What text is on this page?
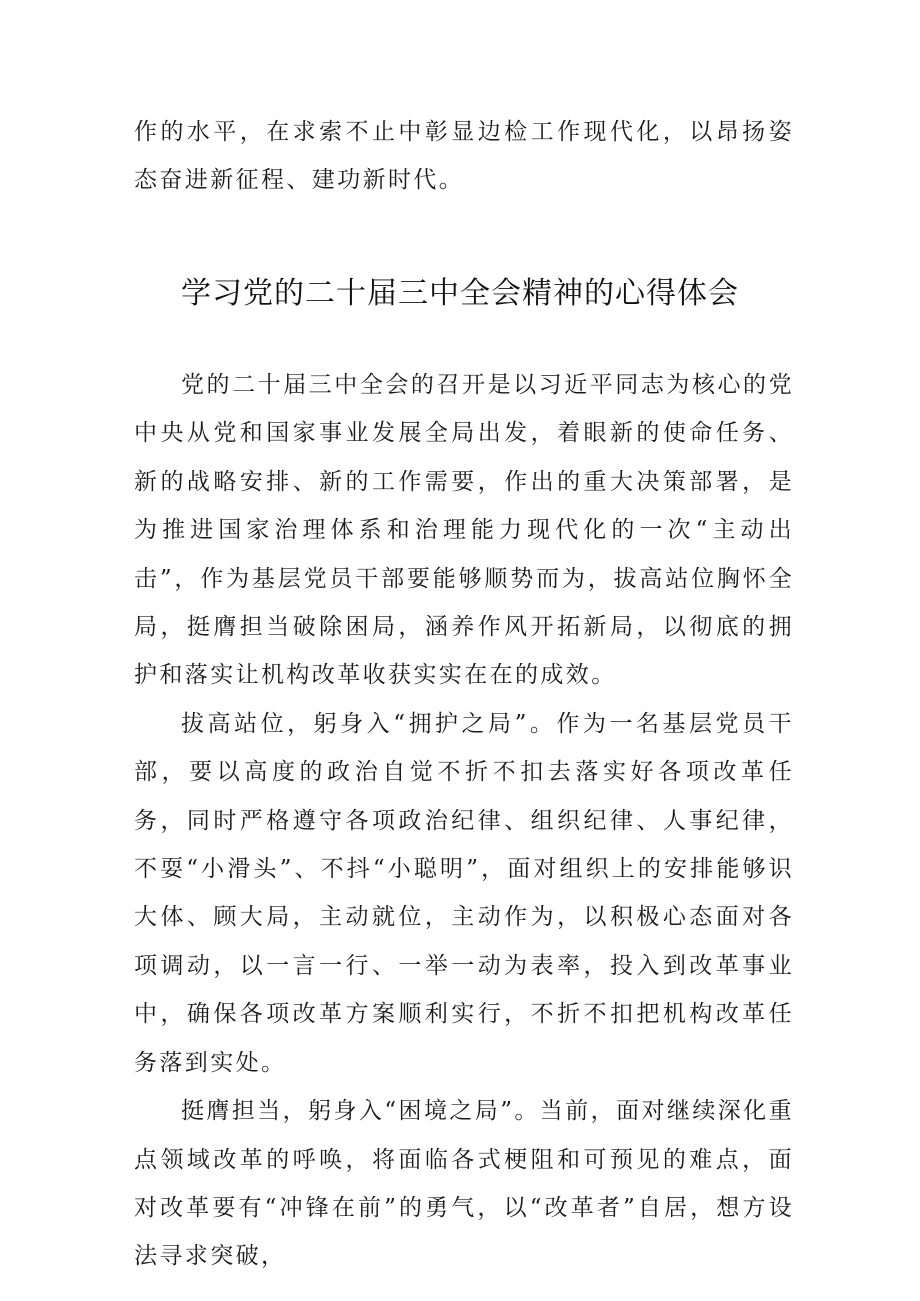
作的水平，在求索不止中彰显边检工作现代化，以昂扬姿态奋进新征程、建功新时代。

学习党的二十届三中全会精神的心得体会

党的二十届三中全会的召开是以习近平同志为核心的党中央从党和国家事业发展全局出发，着眼新的使命任务、新的战略安排、新的工作需要，作出的重大决策部署，是为推进国家治理体系和治理能力现代化的一次“主动出击”，作为基层党员干部要能够顺势而为，拔高站位胸怀全局，挺膺担当破除困局，涵养作风开拓新局，以彻底的拥护和落实让机构改革收获实实在在的成效。

拔高站位，躬身入“拥护之局”。作为一名基层党员干部，要以高度的政治自觉不折不扣去落实好各项改革任务，同时严格遵守各项政治纪律、组织纪律、人事纪律，不耍“小滑头”、不抖“小聪明”，面对组织上的安排能够识大体、顾大局，主动就位，主动作为，以积极心态面对各项调动，以一言一行、一举一动为表率，投入到改革事业中，确保各项改革方案顺利实行，不折不扣把机构改革任务落到实处。

挺膺担当，躬身入“困境之局”。当前，面对继续深化重点领域改革的呼唤，将面临各式梗阻和可预见的难点，面对改革要有“冲锋在前”的勇气，以“改革者”自居，想方设法寻求突破，
